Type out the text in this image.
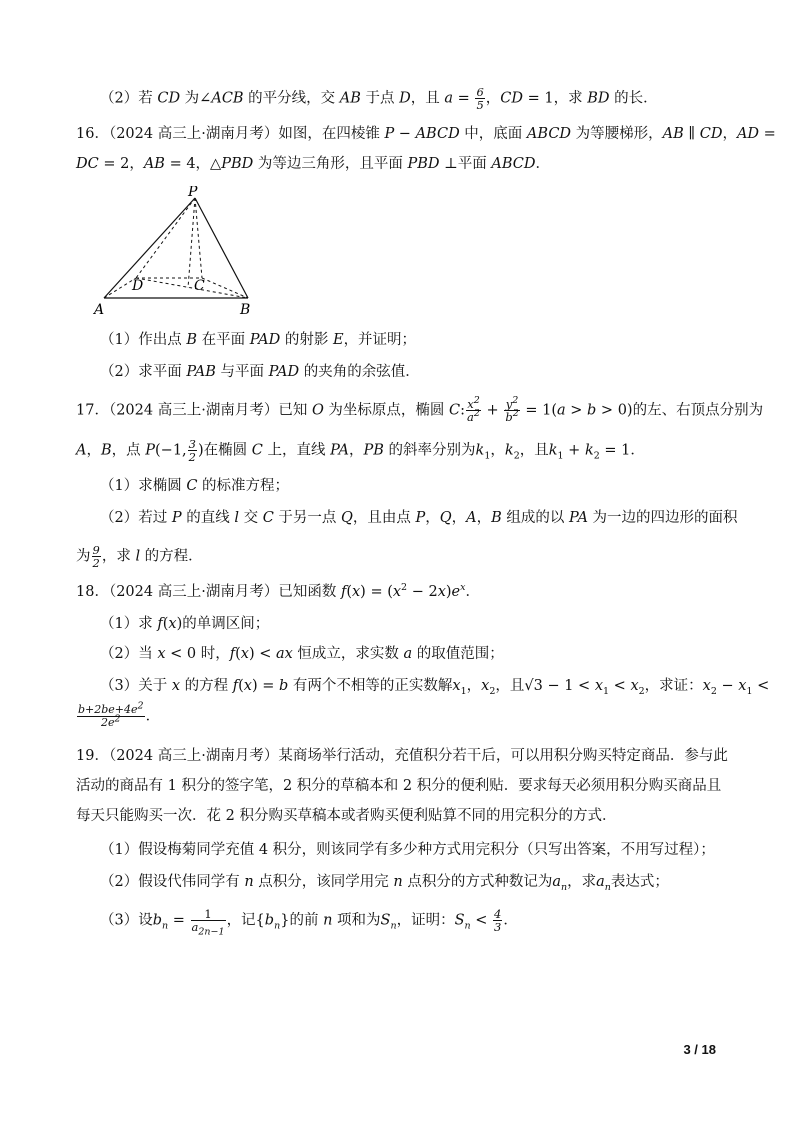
（2）若 CD 为∠ACB 的平分线，交 AB 于点 D，且 $a = \frac{6}{5}$ ，CD = 1，求 BD 的长．
16．（2024 高三上·湖南月考）如图，在四棱锥 P − ABCD 中，底面 ABCD 为等腰梯形，AB ∥ CD，AD =
DC = 2，AB = 4，△PBD 为等边三角形，且平面 PBD ⊥平面 ABCD．
P
A	B
D	C
（1）作出点 B 在平面 PAD 的射影 E，并证明；
（2）求平面 PAB 与平面 PAD 的夹角的余弦值．
17．（2024 高三上·湖南月考）已知 O 为坐标原点，椭圆 C: $\frac{x^2}{a^2} + \frac{y^2}{b^2} = 1(a > b > 0)$的左、右顶点分别为
A，B，点 P(−1, $\frac{3}{2}$ )在椭圆 C 上，直线 PA，PB 的斜率分别为$k_1$，$k_2$，且$k_1 + k_2 = 1$．
（1）求椭圆 C 的标准方程；
（2）若过 P 的直线 l 交 C 于另一点 Q，且由点 P，Q，A，B 组成的以 PA 为一边的四边形的面积
为 $\frac{9}{2}$ ，求 l 的方程．
18．（2024 高三上·湖南月考）已知函数 $f(x) = (x^2 - 2x)e^x$．
（1）求 f(x)的单调区间；
（2）当 x < 0 时，f(x) < ax 恒成立，求实数 a 的取值范围；
（3）关于 x 的方程 f(x) = b 有两个不相等的正实数解$x_1$，$x_2$，且$√3 - 1 < x_1 < x_2$，求证：$x_2 - x_1$ <
$\frac{b+2be+4e^2}{2e^2}$ ．
19．（2024 高三上·湖南月考）某商场举行活动，充值积分若干后，可以用积分购买特定商品．参与此
活动的商品有 1 积分的签字笔，2 积分的草稿本和 2 积分的便利贴．要求每天必须用积分购买商品且
每天只能购买一次．花 2 积分购买草稿本或者购买便利贴算不同的用完积分的方式．
（1）假设梅菊同学充值 4 积分，则该同学有多少种方式用完积分（只写出答案，不用写过程）；
（2）假设代伟同学有 n 点积分，该同学用完 n 点积分的方式种数记为$a_n$，求$a_n$表达式；
（3）设$b_n = \frac{1}{a_{2n-1}}$ ，记$\{b_n\}$的前 n 项和为$S_n$，证明：$S_n < \frac{4}{3}$ ．
3 / 18
